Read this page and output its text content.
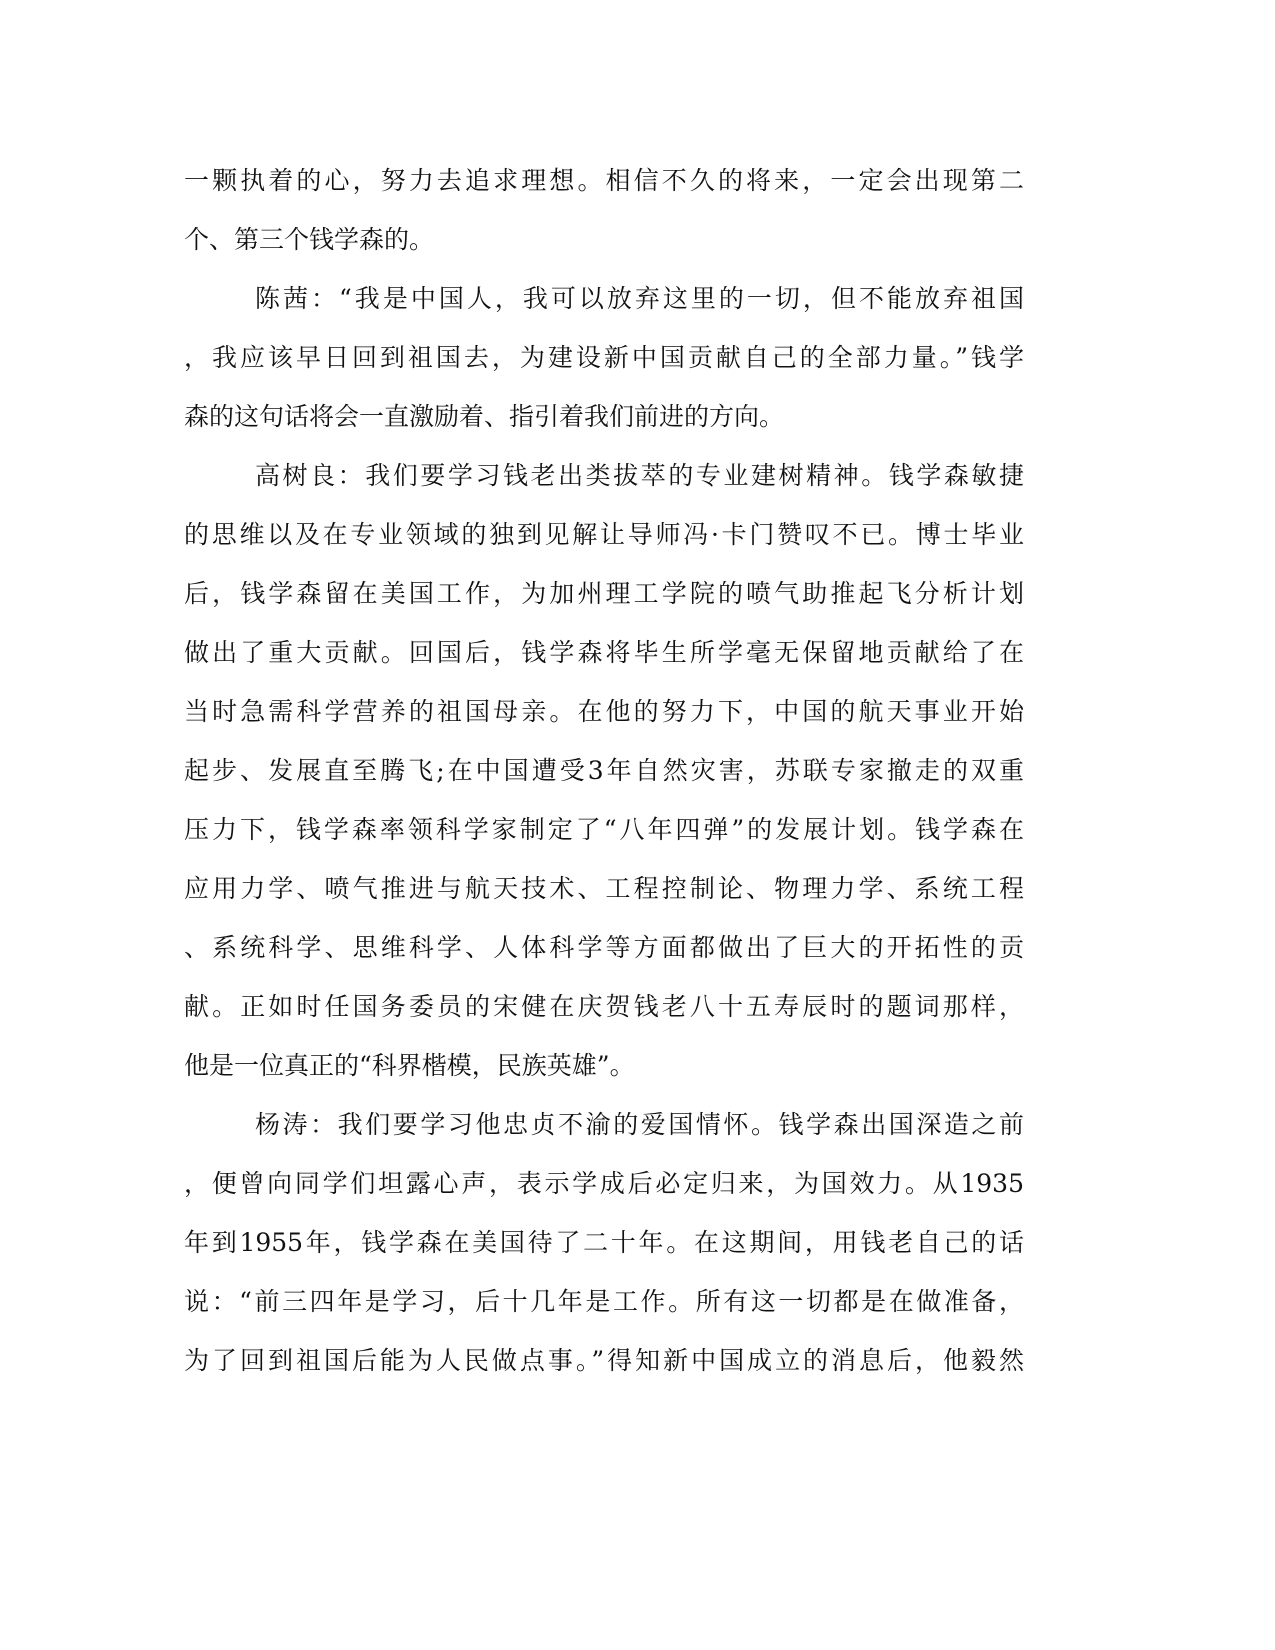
一颗执着的心，努力去追求理想。相信不久的将来，一定会出现第二
个、第三个钱学森的。
陈茜：“我是中国人，我可以放弃这里的一切，但不能放弃祖国
，我应该早日回到祖国去，为建设新中国贡献自己的全部力量。”钱学
森的这句话将会一直激励着、指引着我们前进的方向。
高树良：我们要学习钱老出类拔萃的专业建树精神。钱学森敏捷
的思维以及在专业领域的独到见解让导师冯·卡门赞叹不已。博士毕业
后，钱学森留在美国工作，为加州理工学院的喷气助推起飞分析计划
做出了重大贡献。回国后，钱学森将毕生所学毫无保留地贡献给了在
当时急需科学营养的祖国母亲。在他的努力下，中国的航天事业开始
起步、发展直至腾飞;在中国遭受3年自然灾害，苏联专家撤走的双重
压力下，钱学森率领科学家制定了“八年四弹”的发展计划。钱学森在
应用力学、喷气推进与航天技术、工程控制论、物理力学、系统工程
、系统科学、思维科学、人体科学等方面都做出了巨大的开拓性的贡
献。正如时任国务委员的宋健在庆贺钱老八十五寿辰时的题词那样，
他是一位真正的“科界楷模，民族英雄”。
杨涛：我们要学习他忠贞不渝的爱国情怀。钱学森出国深造之前
，便曾向同学们坦露心声，表示学成后必定归来，为国效力。从1935
年到1955年，钱学森在美国待了二十年。在这期间，用钱老自己的话
说：“前三四年是学习，后十几年是工作。所有这一切都是在做准备，
为了回到祖国后能为人民做点事。”得知新中国成立的消息后，他毅然
